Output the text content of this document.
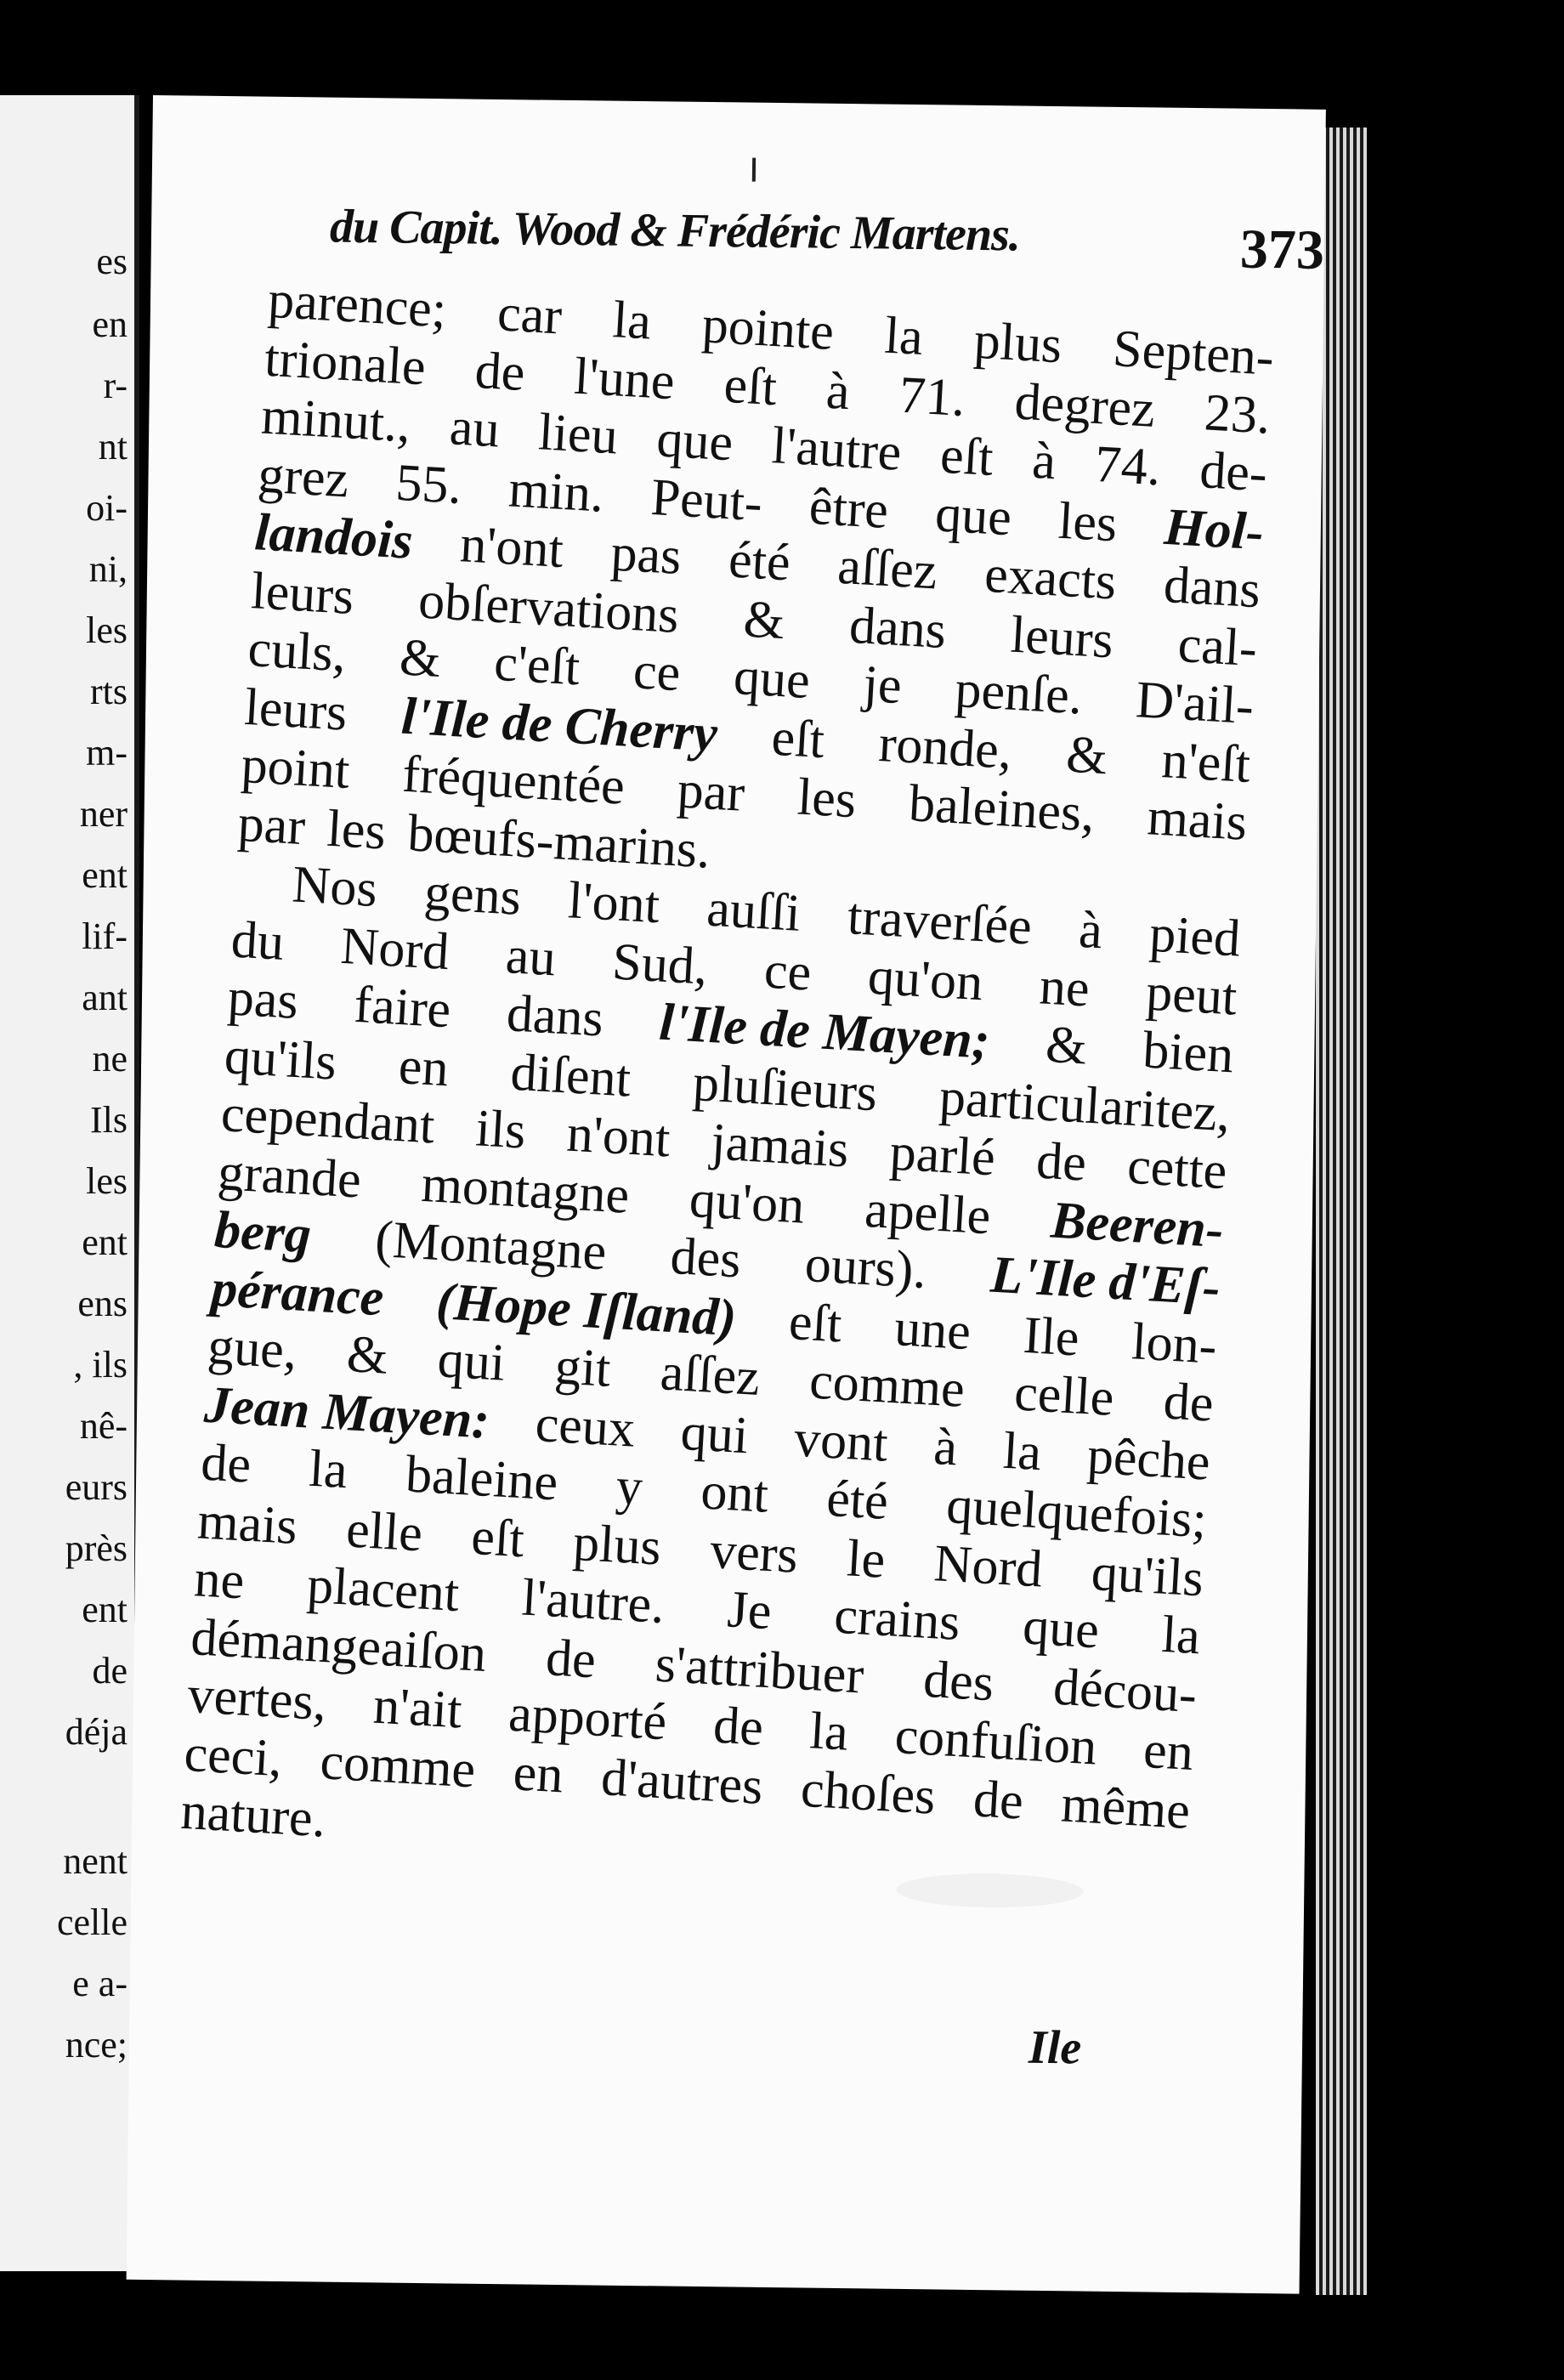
es

en

r-

nt

oi-

ni,

les

rts

m-

ner

ent

lif-

ant

ne

Ils

les

ent

ens

, ils

nê-

eurs

près

ent

de

déja

nent

celle

e a-

nce;

du Capit. Wood & Frédéric Martens.	373

parence; car la pointe la plus Septen-

trionale de l'une eſt à 71. degrez 23.

minut., au lieu que l'autre eſt à 74. de-

grez 55. min. Peut- être que les Hol-

landois n'ont pas été aſſez exacts dans

leurs obſervations & dans leurs cal-

culs, & c'eſt ce que je penſe. D'ail-

leurs l'Ile de Cherry eſt ronde, & n'eſt

point fréquentée par les baleines, mais

par les bœufs-marins.

Nos gens l'ont auſſi traverſée à pied

du Nord au Sud, ce qu'on ne peut

pas faire dans l'Ile de Mayen; & bien

qu'ils en diſent pluſieurs particularitez,

cependant ils n'ont jamais parlé de cette

grande montagne qu'on apelle Beeren-

berg (Montagne des ours). L'Ile d'Eſ-

pérance (Hope Iſland) eſt une Ile lon-

gue, & qui git aſſez comme celle de

Jean Mayen: ceux qui vont à la pêche

de la baleine y ont été quelquefois;

mais elle eſt plus vers le Nord qu'ils

ne placent l'autre. Je crains que la

démangeaiſon de s'attribuer des décou-

vertes, n'ait apporté de la confuſion en

ceci, comme en d'autres choſes de même

nature.

Ile
